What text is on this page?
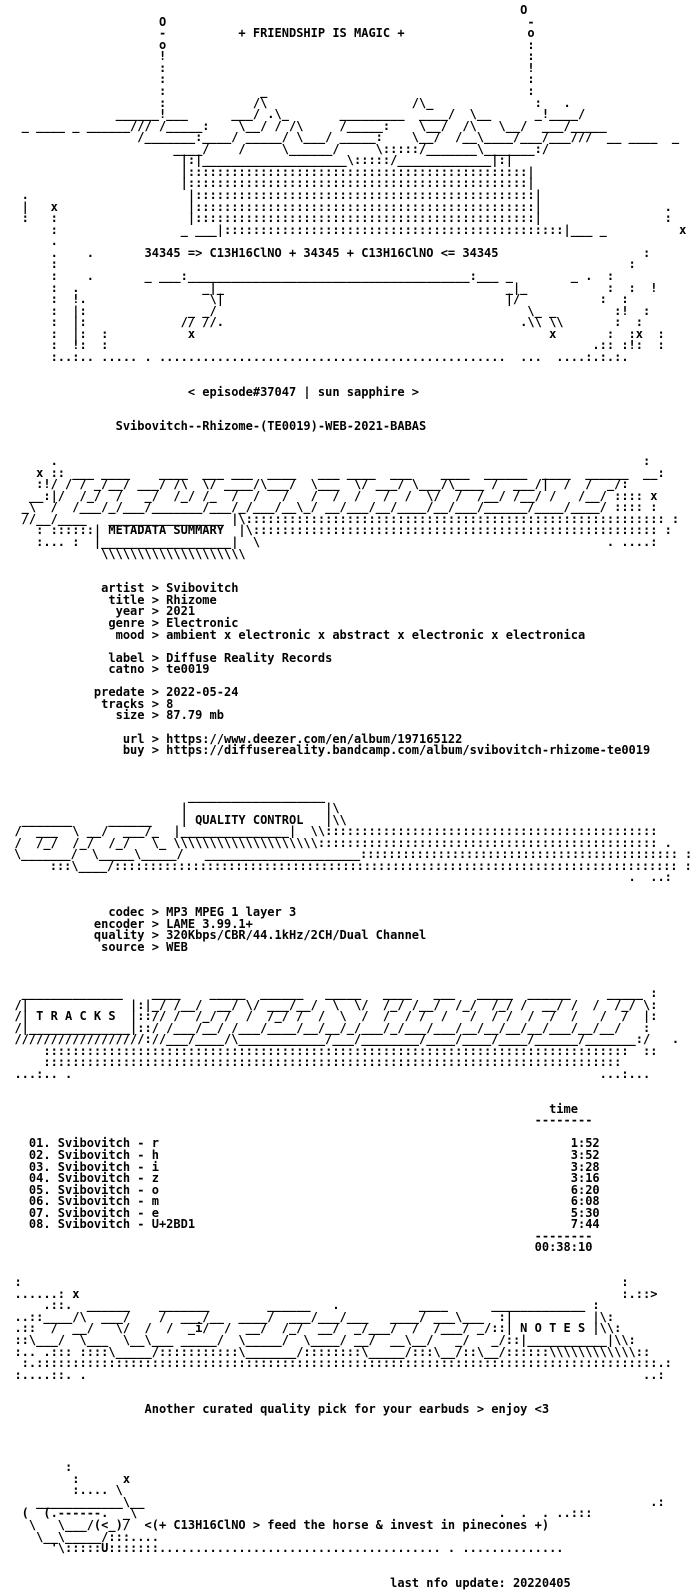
O
O                                                  -
-          + FRIENDSHIP IS MAGIC +                 o
o                                                  :
!                                                  :
:                                                  !
:                                                  :
:             _                                    :
:            /\                    /\_              :   .
______!___      ___/ .\_       _________  ____/  \__      _!____/
_ ____ _ ______/// /_____:    \__/ / /\     /_____:    \__/  /\   \__/  ___/_____
/_______:____/ _____/ \___/ _____:    \__/  /__\____/___/___///  __ ____  _
____/    /     \______/     \:::::/_______\_______:/
|:|____________________\:::::/_____________|:|
|:::::::::::::::::::::::::::::::::::::::::::::::|
|:::::::::::::::::::::::::::::::::::::::::::::::|
.                      |:::::::::::::::::::::::::::::::::::::::::::::::|
|   x                  |:::::::::::::::::::::::::::::::::::::::::::::::|                 .
:   :                  |:::::::::::::::::::::::::::::::::::::::::::::::|                 :
:                 _ ___|:::::::::::::::::::::::::::::::::::::::::::::::|___ _          x
.
.    .       34345 => C13H16ClNO + 34345 + C13H16ClNO <= 34345                    :
:                                                                               :
:    .       _ ___:_______________________________________:___ _        _ .  :
:  .                 _|_                                       _|_           :  :  !
:  !.                 \|                                       |/           :  :
:  |:              _ _/                                           \_ _        :!  :
:  |:             // //.                                         .\\ \\       :  :
:  |:  :           x                                                 x       :  :x  :
:  !:  :                                                                   .:: :!:  :
:..:.. ..... . ................................................  ...  ....:.:.:.
< episode#37047 | sun sapphire >
Svibovitch--Rhizome-(TE0019)-WEB-2021-BABAS
.                                                                                 :
x :: ___ ____    ____  ___ ___  ____   ___ ____  ___    ____  ______  ____  ______  __:
:!/ / / _/__/ ___/ /\  \/ ____/\___/  \___  \/ ___/ \___/\____ /  ___/|  /  /  _/:
__:|/  /_/  /   _/  /_/ /_  /  /   /   /  /  /   /  /  \/  /  /__/ /__/ /   /__/ :::: x
_\  /  /___/_/___/_______/___/_/___/__\_/ __/___/__/____/__/___/______/____/____/ :::: :
//__/____   ________________ |\:::::::::::::::::::::::::::::::::::::::::::::::::::::::::: :
: ::::::| METADATA SUMMARY  |\:::::::::::::::::::::::::::::::::::::::::::::::::::::::: :
:... :  |__________________|  \                                                . ....:
\\\\\\\\\\\\\\\\\\\\
artist > Svibovitch
title > Rhizome
year > 2021
genre > Electronic
mood > ambient x electronic x abstract x electronic x electronica
label > Diffuse Reality Records
catno > te0019
predate > 2022-05-24
tracks > 8
size > 87.79 mb
url > https://www.deezer.com/en/album/197165122
buy > https://diffusereality.bandcamp.com/album/svibovitch-rhizome-te0019
___________________
|                   |\
_______     ______    | QUALITY CONTROL   |\\
/  ___  \ __/  ___/_  |_______________|  \\::::::::::::::::::::::::::::::::::::::::::::::
/  /_/  /_/  /_/   \_ \\\\\\\\\\\\\\\\\\\\::::::::::::::::::::::::::::::::::::::::::::::: .
\_______/  \_____\_____/   ______________________::::::::::::::::::::::::::::::::::::::::::::: :
:::\____/::::::::::::::::::::::::::::::::::::::::::::::::::::::::::::::::::::::::::::::: :
.  ..:
codec > MP3 MPEG 1 layer 3
encoder > LAME 3.99.1+
quality > 320Kbps/CBR/44.1kHz/2CH/Dual Channel
source > WEB
______________    ____    _____  ______   _____   ____   ___   _____  ______     _____ :
/|              |:|_/ /__/  __/ \/ ___/__/  \  \/  /_/ /__/  /_/  /_/ /  __/ /  /  /_/ \:
/| T R A C K S  |::// /  /_/ /  /  /_/ /  /  \  /  /  / /  /   /  / /  /  /  /   /  /  |:
/|______________|::/ /___/__/ /___/____/__/__/_/___/_/___/___/__/__/__/__/___/__/__/   :
//////////////////://___/____/\____________/___/________/____/____/____/______/_______:/   .
:::::::::::::::::::::::::::::::::::::::::::::::::::::::::::::::::::::::::::::::::  ::
::::::::::::::::::::::::::::::::::::::::::::::::::::::::::::::::::::::::::::::::
...:.. .                                                                         ...:...
time
--------
01. Svibovitch - r                                                         1:52
02. Svibovitch - h                                                         3:52
03. Svibovitch - i                                                         3:28
04. Svibovitch - z                                                         3:16
05. Svibovitch - o                                                         6:20
06. Svibovitch - m                                                         6:08
07. Svibovitch - e                                                         5:30
08. Svibovitch - U+2BD1                                                    7:44
--------
00:38:10
:                                                                                   :
......: x                                                                           :.::>
.::.  ______    _______        ______   .           ____      _____________ :
..::____/\  ___/    /  ___/__  ____/  ___/___/___   ____/ ___\___  :|           |\:
.::  /  __/   \/  /  /  _i/  /  __/  /_/  __/  _/___/  /  /___/ _/::| N O T E S |\\:
::\___/  \___  \__\___ _____/  \_____/  \____/ __/  __\__/   _/   _/::|___________|\\:
:.. .::: ::::\_____/:::::::::::\_______/::::::::\_____/:::\__/::\__/::::::\\\\\\\\\\\\::
:.::::::::::::::::::::::::::::::::::::::::::::::::::::::::::::::::::::::::::::::::::::::.:
:....::. .                                                                             ..:
Another curated quality pick for your earbuds > enjoy <3
:
:      x
:.... \
____________\__                                                                      .:
(  (.------.  _\                                                  .  .  . ..:::
\   \___/(<_)/  <(+ C13H16ClNO > feed the horse & invest in pinecones +)
\__\_____/:::....
'\:::::U:::::::....................................... . ..............
last nfo update: 20220405
